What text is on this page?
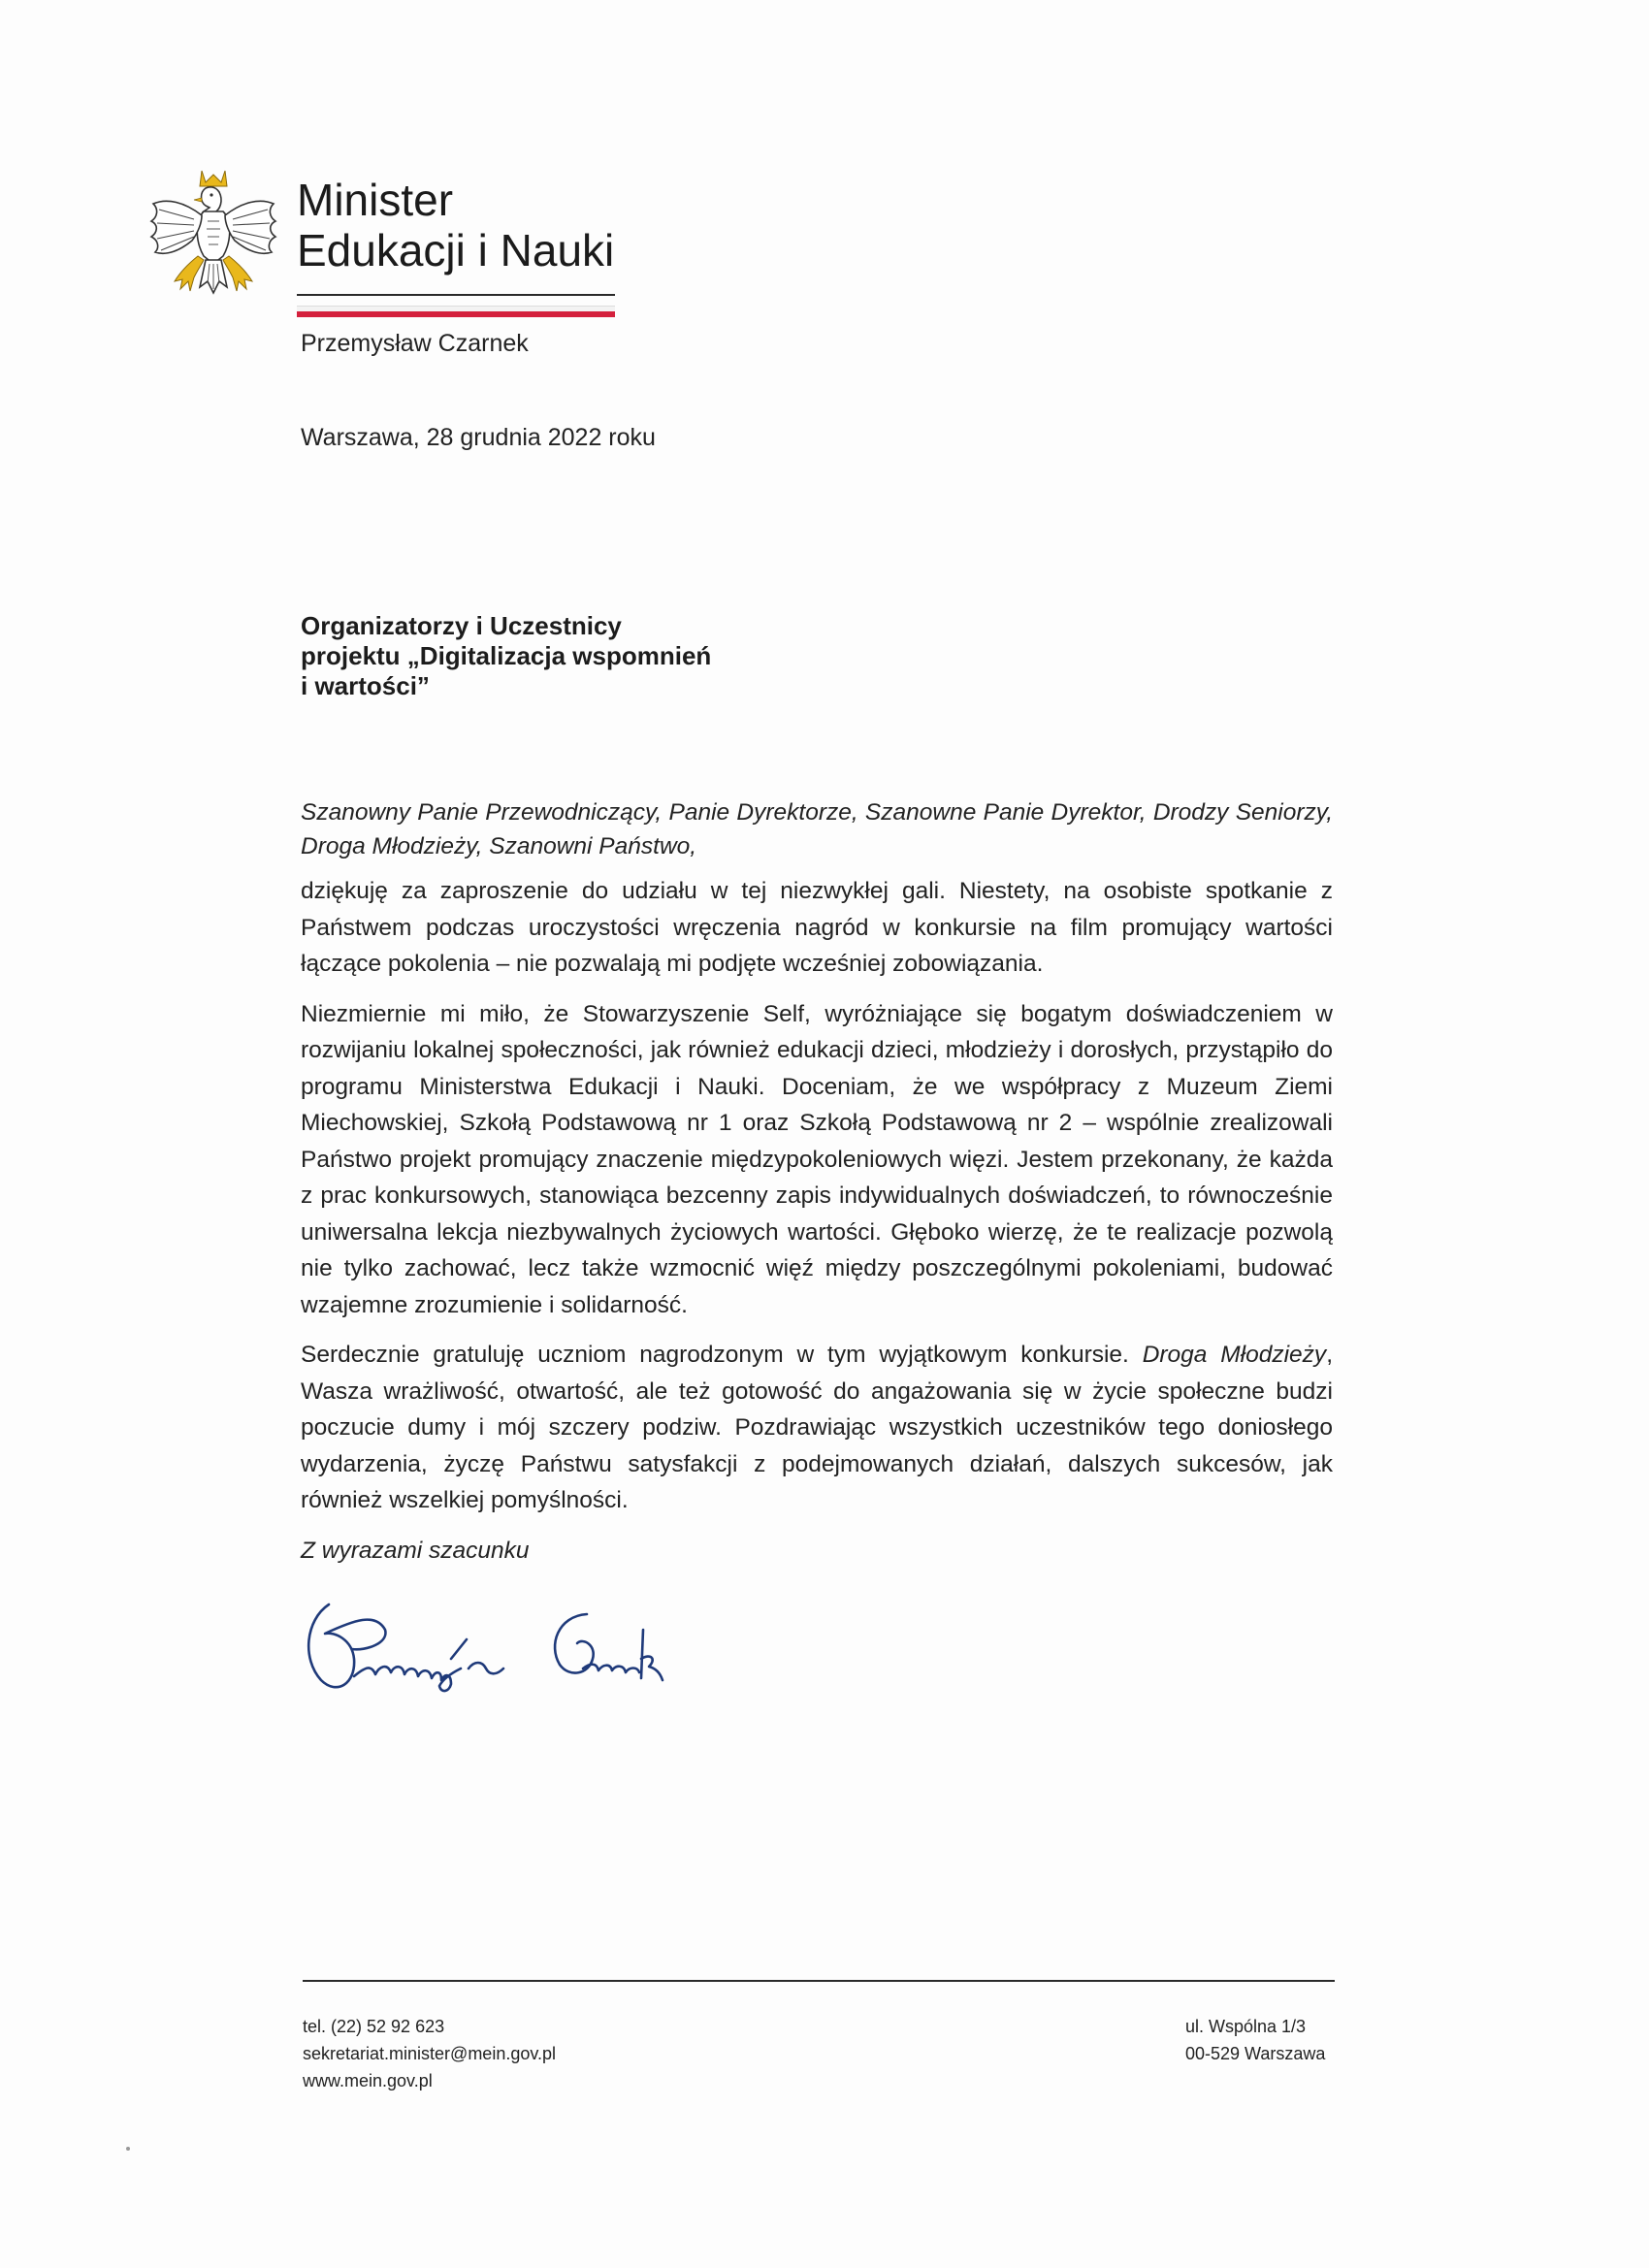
Minister
Edukacji i Nauki
Przemysław Czarnek
Warszawa, 28 grudnia 2022 roku
Organizatorzy i Uczestnicy
projektu „Digitalizacja wspomnień
i wartości”

Szanowny Panie Przewodniczący, Panie Dyrektorze, Szanowne Panie Dyrektor, Drodzy Seniorzy, Droga Młodzieży, Szanowni Państwo,

dziękuję za zaproszenie do udziału w tej niezwykłej gali. Niestety, na osobiste spotkanie z Państwem podczas uroczystości wręczenia nagród w konkursie na film promujący wartości łączące pokolenia – nie pozwalają mi podjęte wcześniej zobowiązania.

Niezmiernie mi miło, że Stowarzyszenie Self, wyróżniające się bogatym doświadczeniem w rozwijaniu lokalnej społeczności, jak również edukacji dzieci, młodzieży i dorosłych, przystąpiło do programu Ministerstwa Edukacji i Nauki. Doceniam, że we współpracy z Muzeum Ziemi Miechowskiej, Szkołą Podstawową nr 1 oraz Szkołą Podstawową nr 2 – wspólnie zrealizowali Państwo projekt promujący znaczenie międzypokoleniowych więzi. Jestem przekonany, że każda z prac konkursowych, stanowiąca bezcenny zapis indywidualnych doświadczeń, to równocześnie uniwersalna lekcja niezbywalnych życiowych wartości. Głęboko wierzę, że te realizacje pozwolą nie tylko zachować, lecz także wzmocnić więź między poszczególnymi pokoleniami, budować wzajemne zrozumienie i solidarność.

Serdecznie gratuluję uczniom nagrodzonym w tym wyjątkowym konkursie. Droga Młodzieży, Wasza wrażliwość, otwartość, ale też gotowość do angażowania się w życie społeczne budzi poczucie dumy i mój szczery podziw. Pozdrawiając wszystkich uczestników tego doniosłego wydarzenia, życzę Państwu satysfakcji z podejmowanych działań, dalszych sukcesów, jak również wszelkiej pomyślności.

Z wyrazami szacunku
tel. (22) 52 92 623
sekretariat.minister@mein.gov.pl
www.mein.gov.pl
ul. Wspólna 1/3
00-529 Warszawa
